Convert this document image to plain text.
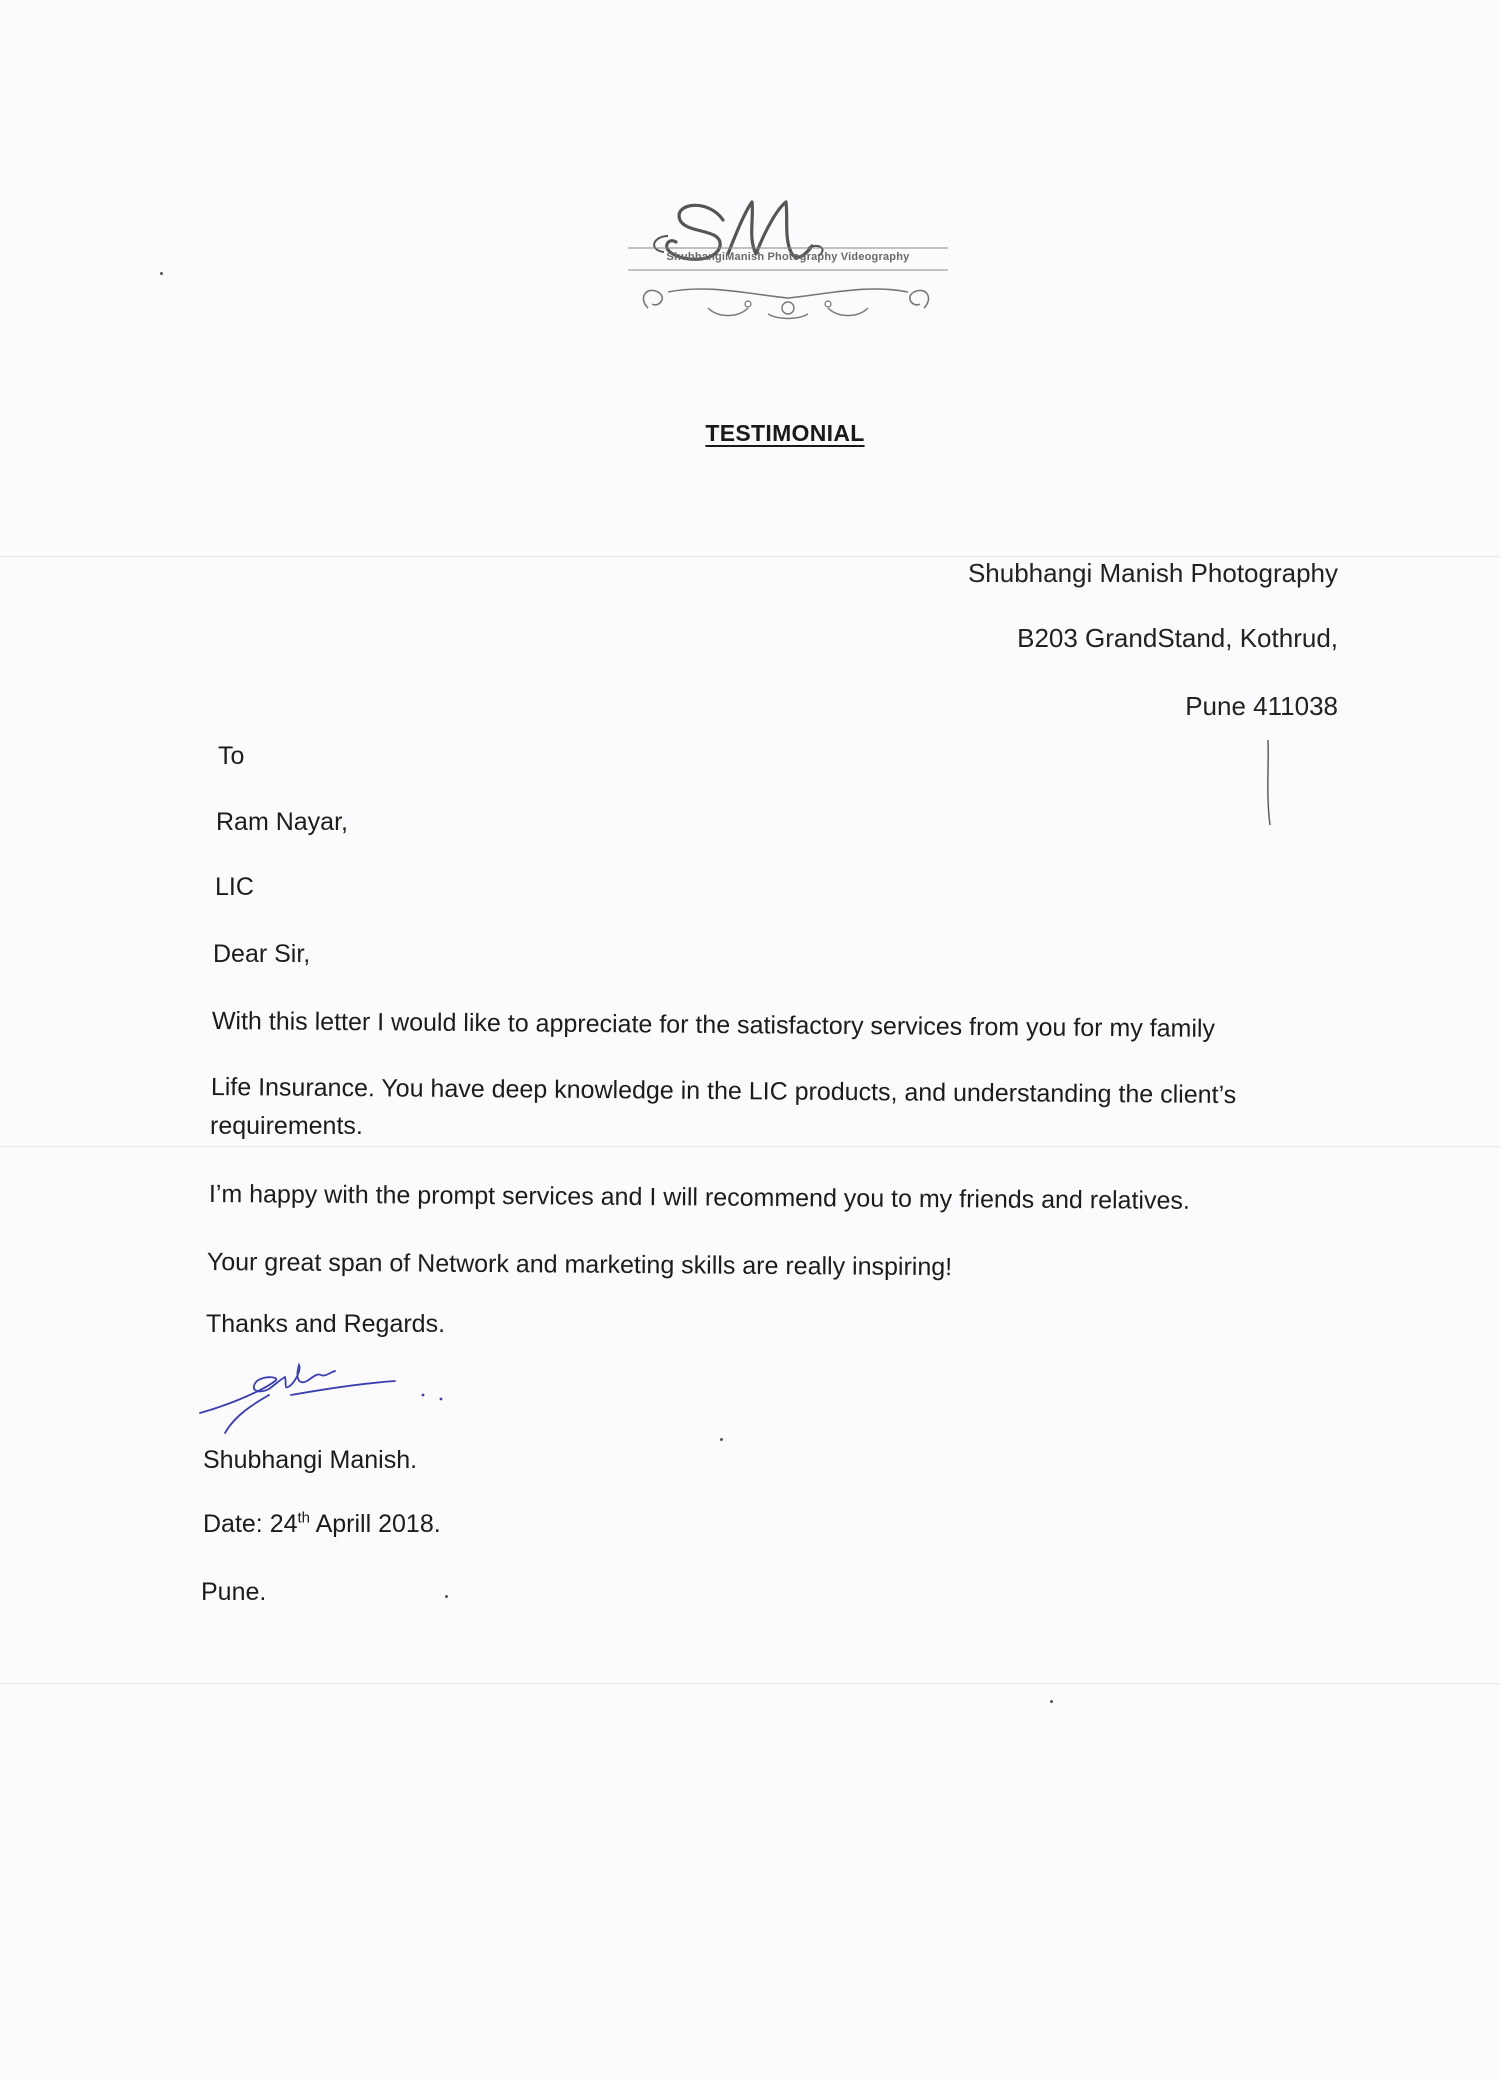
ShubhangiManish Photography Videography
TESTIMONIAL
Shubhangi Manish Photography
B203 GrandStand, Kothrud,
Pune 411038
To
Ram Nayar,
LIC
Dear Sir,
With this letter I would like to appreciate for the satisfactory services from you for my family
Life Insurance. You have deep knowledge in the LIC products, and understanding the client’s
requirements.
I’m happy with the prompt services and I will recommend you to my friends and relatives.
Your great span of Network and marketing skills are really inspiring!
Thanks and Regards.
Shubhangi Manish.
Date: 24th Aprill 2018.
Pune.
